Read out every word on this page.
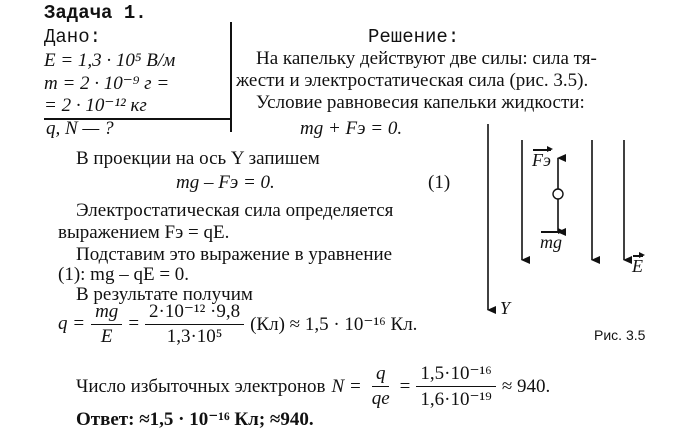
Задача 1.
Дано:
E = 1,3 · 10⁵ В/м
m = 2 · 10⁻⁹ г =
= 2 · 10⁻¹² кг
q, N — ?
Решение:
На капельку действуют две силы: сила тя-
жести и электростатическая сила (рис. 3.5).
Условие равновесия капельки жидкости:
mg + Fэ = 0.
В проекции на ось Y запишем
mg – Fэ = 0.	(1)
Электростатическая сила определяется
выражением Fэ = qE.
Подставим это выражение в уравнение
(1): mg – qE = 0.
В результате получим
$q = \frac{mg}{E} = \frac{\text{2·10⁻¹² ·9,8}}{\text{1,3·10⁵}} (Кл) \approx 1,5 \cdot 10^{-16}$ Кл.
Число избыточных электронов $N = \frac{q}{qe} = \frac{\text{1,5·10⁻¹⁶}}{\text{1,6·10⁻¹⁹}} \approx 940$.
Ответ: ≈1,5 · 10⁻¹⁶ Кл; ≈940.
Fэ
mg
E
Y
Рис. 3.5
